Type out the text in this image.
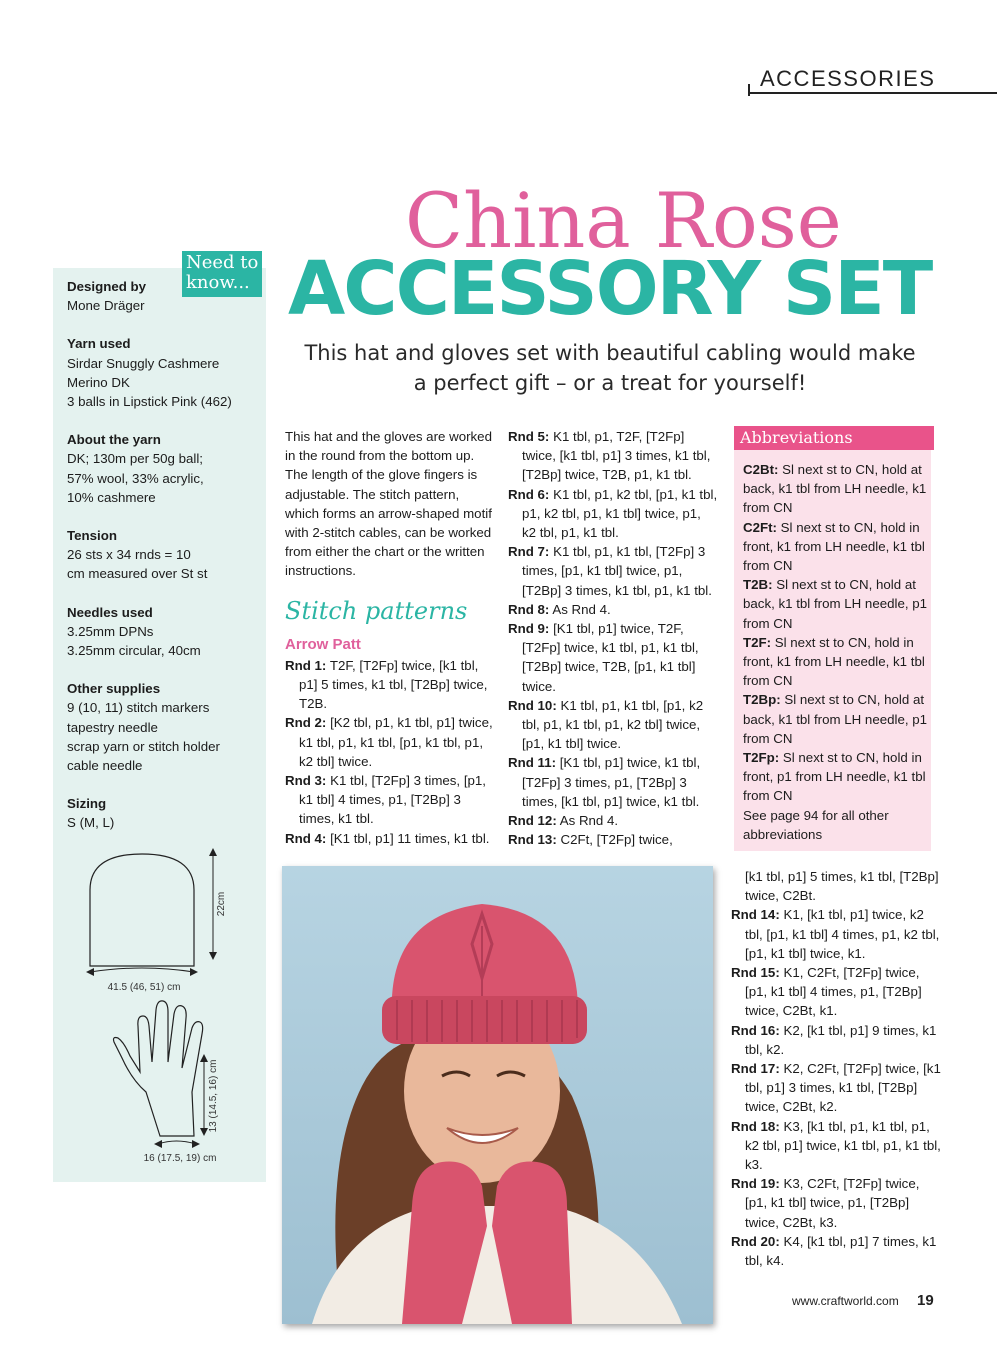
ACCESSORIES
China Rose
ACCESSORY SET
This hat and gloves set with beautiful cabling would make a perfect gift – or a treat for yourself!
Need to know...
Designed by
Mone Dräger
Yarn used
Sirdar Snuggly Cashmere
Merino DK
3 balls in Lipstick Pink (462)
About the yarn
DK; 130m per 50g ball;
57% wool, 33% acrylic,
10% cashmere
Tension
26 sts x 34 rnds = 10
cm measured over St st
Needles used
3.25mm DPNs
3.25mm circular, 40cm
Other supplies
9 (10, 11) stitch markers
tapestry needle
scrap yarn or stitch holder
cable needle
Sizing
S (M, L)
22cm
41.5 (46, 51) cm
13 (14.5, 16) cm
16 (17.5, 19) cm
This hat and the gloves are worked in the round from the bottom up. The length of the glove fingers is adjustable. The stitch pattern, which forms an arrow-shaped motif with 2-stitch cables, can be worked from either the chart or the written instructions.
Stitch patterns
Arrow Patt
Rnd 1: T2F, [T2Fp] twice, [k1 tbl, p1] 5 times, k1 tbl, [T2Bp] twice, T2B.
Rnd 2: [K2 tbl, p1, k1 tbl, p1] twice, k1 tbl, p1, k1 tbl, [p1, k1 tbl, p1, k2 tbl] twice.
Rnd 3: K1 tbl, [T2Fp] 3 times, [p1, k1 tbl] 4 times, p1, [T2Bp] 3 times, k1 tbl.
Rnd 4: [K1 tbl, p1] 11 times, k1 tbl.
Rnd 5: K1 tbl, p1, T2F, [T2Fp] twice, [k1 tbl, p1] 3 times, k1 tbl, [T2Bp] twice, T2B, p1, k1 tbl.
Rnd 6: K1 tbl, p1, k2 tbl, [p1, k1 tbl, p1, k2 tbl, p1, k1 tbl] twice, p1, k2 tbl, p1, k1 tbl.
Rnd 7: K1 tbl, p1, k1 tbl, [T2Fp] 3 times, [p1, k1 tbl] twice, p1, [T2Bp] 3 times, k1 tbl, p1, k1 tbl.
Rnd 8: As Rnd 4.
Rnd 9: [K1 tbl, p1] twice, T2F, [T2Fp] twice, k1 tbl, p1, k1 tbl, [T2Bp] twice, T2B, [p1, k1 tbl] twice.
Rnd 10: K1 tbl, p1, k1 tbl, [p1, k2 tbl, p1, k1 tbl, p1, k2 tbl] twice, [p1, k1 tbl] twice.
Rnd 11: [K1 tbl, p1] twice, k1 tbl, [T2Fp] 3 times, p1, [T2Bp] 3 times, [k1 tbl, p1] twice, k1 tbl.
Rnd 12: As Rnd 4.
Rnd 13: C2Ft, [T2Fp] twice,
Abbreviations
C2Bt: Sl next st to CN, hold at back, k1 tbl from LH needle, k1 from CN
C2Ft: Sl next st to CN, hold in front, k1 from LH needle, k1 tbl from CN
T2B: Sl next st to CN, hold at back, k1 tbl from LH needle, p1 from CN
T2F: Sl next st to CN, hold in front, k1 from LH needle, k1 tbl from CN
T2Bp: Sl next st to CN, hold at back, k1 tbl from LH needle, p1 from CN
T2Fp: Sl next st to CN, hold in front, p1 from LH needle, k1 tbl from CN
See page 94 for all other abbreviations
[k1 tbl, p1] 5 times, k1 tbl, [T2Bp] twice, C2Bt.
Rnd 14: K1, [k1 tbl, p1] twice, k2 tbl, [p1, k1 tbl] 4 times, p1, k2 tbl, [p1, k1 tbl] twice, k1.
Rnd 15: K1, C2Ft, [T2Fp] twice, [p1, k1 tbl] 4 times, p1, [T2Bp] twice, C2Bt, k1.
Rnd 16: K2, [k1 tbl, p1] 9 times, k1 tbl, k2.
Rnd 17: K2, C2Ft, [T2Fp] twice, [k1 tbl, p1] 3 times, k1 tbl, [T2Bp] twice, C2Bt, k2.
Rnd 18: K3, [k1 tbl, p1, k1 tbl, p1, k2 tbl, p1] twice, k1 tbl, p1, k1 tbl, k3.
Rnd 19: K3, C2Ft, [T2Fp] twice, [p1, k1 tbl] twice, p1, [T2Bp] twice, C2Bt, k3.
Rnd 20: K4, [k1 tbl, p1] 7 times, k1 tbl, k4.
www.craftworld.com 19
